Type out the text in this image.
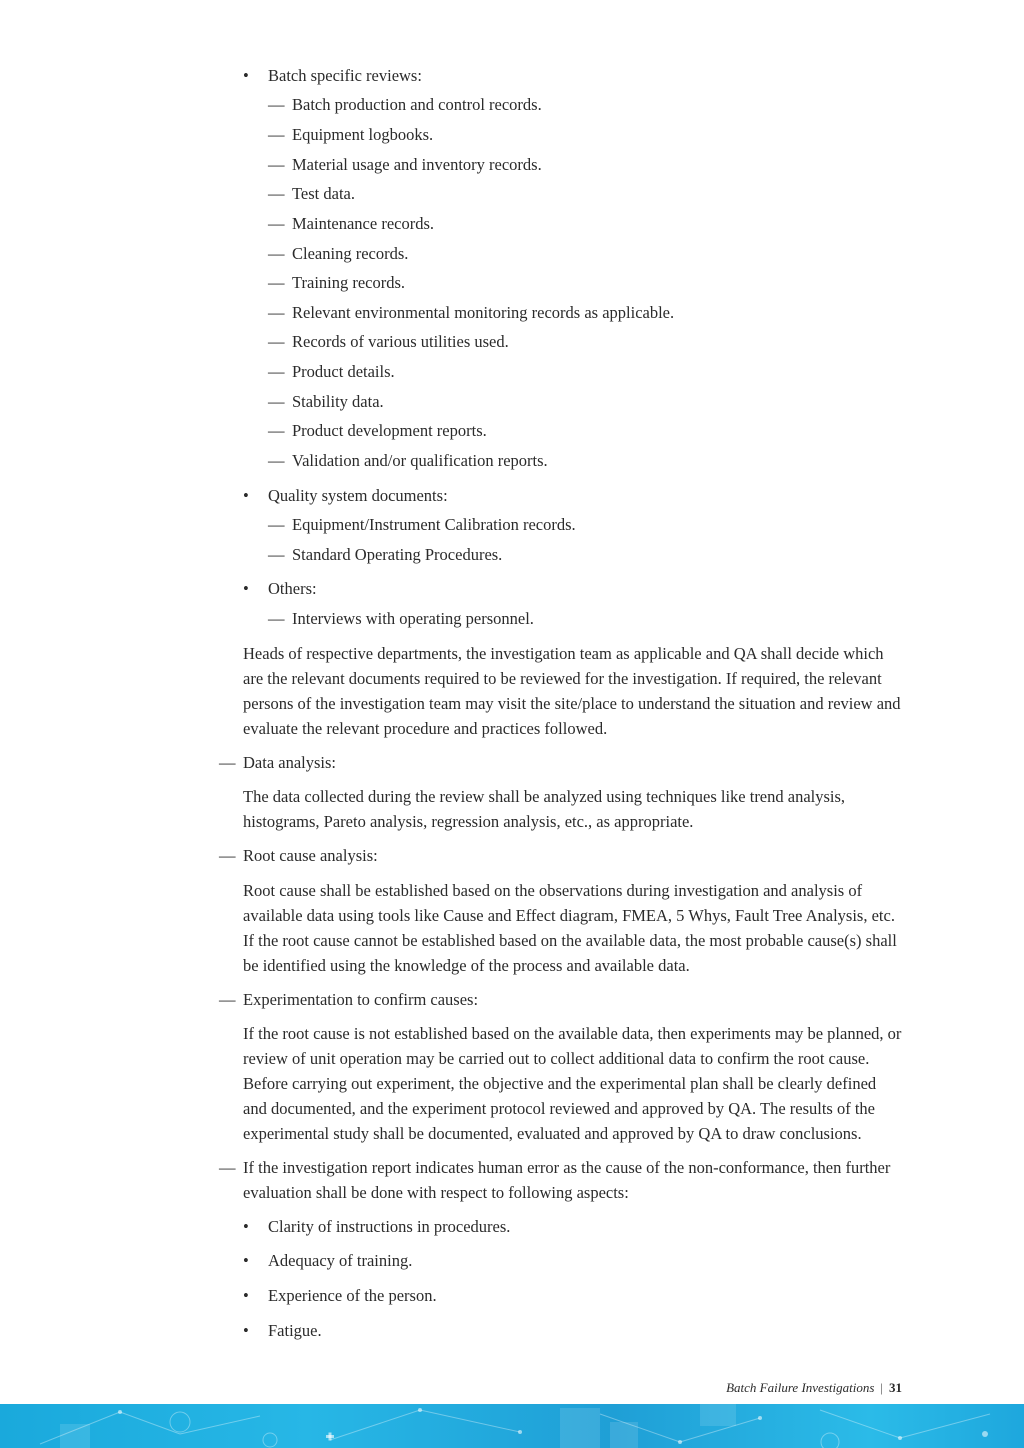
• Batch specific reviews:
— Batch production and control records.
— Equipment logbooks.
— Material usage and inventory records.
— Test data.
— Maintenance records.
— Cleaning records.
— Training records.
— Relevant environmental monitoring records as applicable.
— Records of various utilities used.
— Product details.
— Stability data.
— Product development reports.
— Validation and/or qualification reports.
• Quality system documents:
— Equipment/Instrument Calibration records.
— Standard Operating Procedures.
• Others:
— Interviews with operating personnel.

Heads of respective departments, the investigation team as applicable and QA shall decide which are the relevant documents required to be reviewed for the investigation. If required, the relevant persons of the investigation team may visit the site/place to understand the situation and review and evaluate the relevant procedure and practices followed.

— Data analysis:

The data collected during the review shall be analyzed using techniques like trend analysis, histograms, Pareto analysis, regression analysis, etc., as appropriate.

— Root cause analysis:

Root cause shall be established based on the observations during investigation and analysis of available data using tools like Cause and Effect diagram, FMEA, 5 Whys, Fault Tree Analysis, etc. If the root cause cannot be established based on the available data, the most probable cause(s) shall be identified using the knowledge of the process and available data.

— Experimentation to confirm causes:

If the root cause is not established based on the available data, then experiments may be planned, or review of unit operation may be carried out to collect additional data to confirm the root cause. Before carrying out experiment, the objective and the experimental plan shall be clearly defined and documented, and the experiment protocol reviewed and approved by QA. The results of the experimental study shall be documented, evaluated and approved by QA to draw conclusions.

— If the investigation report indicates human error as the cause of the non-conformance, then further evaluation shall be done with respect to following aspects:

• Clarity of instructions in procedures.
• Adequacy of training.
• Experience of the person.
• Fatigue.
Batch Failure Investigations | 31
